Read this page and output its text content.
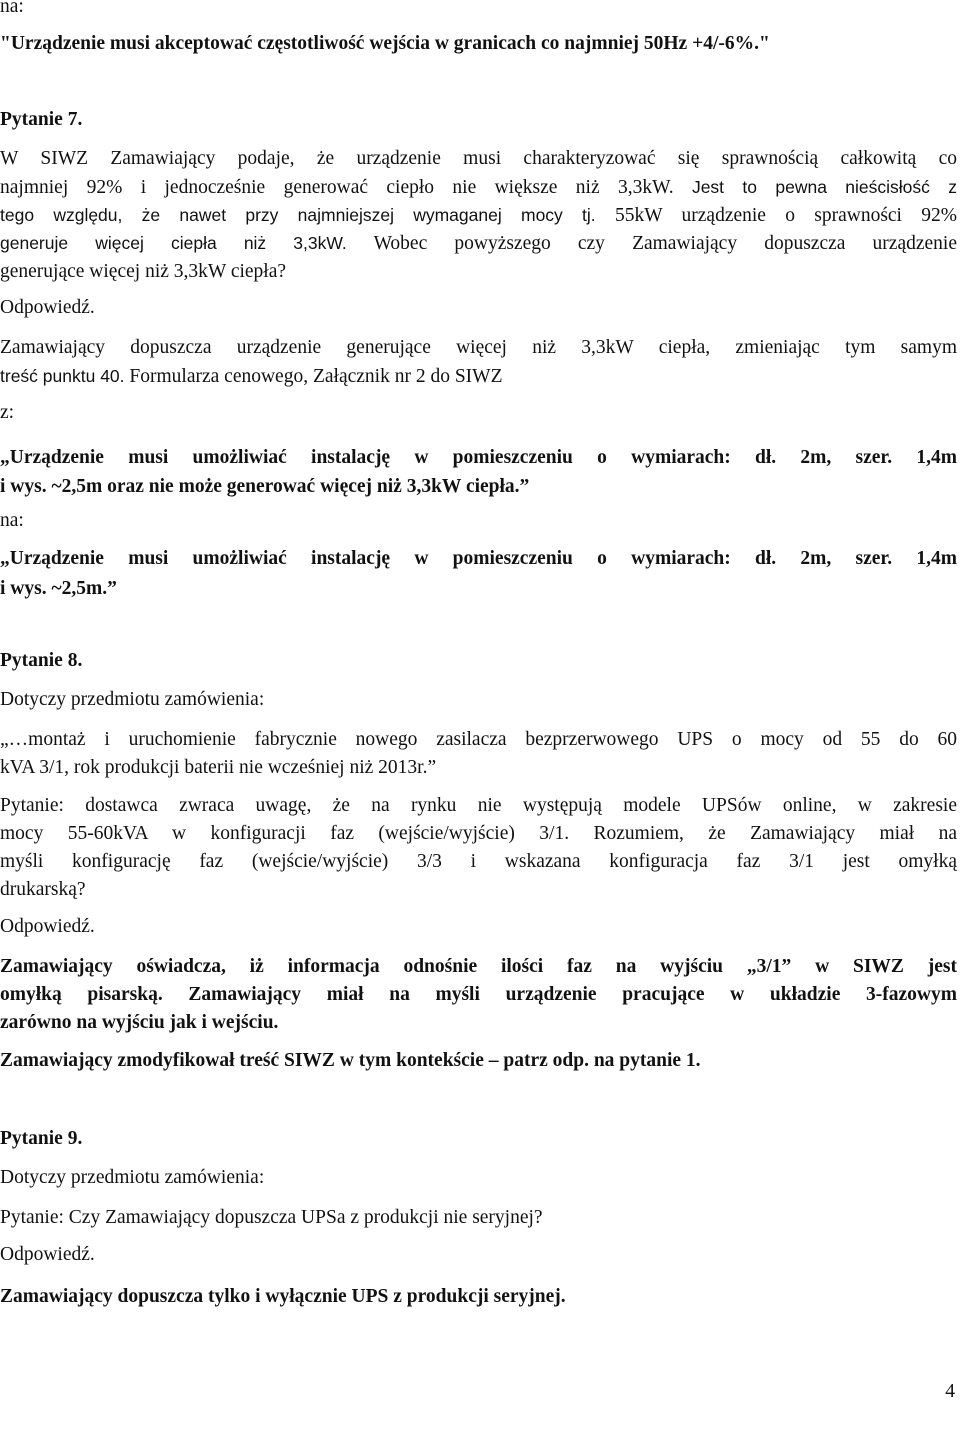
na:

"Urządzenie musi akceptować częstotliwość wejścia w granicach co najmniej 50Hz +4/-6%."

Pytanie 7.

W SIWZ Zamawiający podaje, że urządzenie musi charakteryzować się sprawnością całkowitą co

najmniej 92% i jednocześnie generować ciepło nie większe niż 3,3kW. Jest to pewna nieścisłość z

tego względu, że nawet przy najmniejszej wymaganej mocy tj. 55kW urządzenie o sprawności 92%

generuje więcej ciepła niż 3,3kW. Wobec powyższego czy Zamawiający dopuszcza urządzenie

generujące więcej niż 3,3kW ciepła?

Odpowiedź.

Zamawiający dopuszcza urządzenie generujące więcej niż 3,3kW ciepła, zmieniając tym samym

treść punktu 40. Formularza cenowego, Załącznik nr 2 do SIWZ

z:

„Urządzenie musi umożliwiać instalację w pomieszczeniu o wymiarach: dł. 2m, szer. 1,4m

i wys. ~2,5m oraz nie może generować więcej niż 3,3kW ciepła.”

na:

„Urządzenie musi umożliwiać instalację w pomieszczeniu o wymiarach: dł. 2m, szer. 1,4m

i wys. ~2,5m.”

Pytanie 8.

Dotyczy przedmiotu zamówienia:

„…montaż i uruchomienie fabrycznie nowego zasilacza bezprzerwowego UPS o mocy od 55 do 60

kVA 3/1, rok produkcji baterii nie wcześniej niż 2013r.”

Pytanie: dostawca zwraca uwagę, że na rynku nie występują modele UPSów online, w zakresie

mocy 55-60kVA w konfiguracji faz (wejście/wyjście) 3/1. Rozumiem, że Zamawiający miał na

myśli konfigurację faz (wejście/wyjście) 3/3 i wskazana konfiguracja faz 3/1 jest omyłką

drukarską?

Odpowiedź.

Zamawiający oświadcza, iż informacja odnośnie ilości faz na wyjściu „3/1” w SIWZ jest

omyłką pisarską. Zamawiający miał na myśli urządzenie pracujące w układzie 3-fazowym

zarówno na wyjściu jak i wejściu.

Zamawiający zmodyfikował treść SIWZ w tym kontekście – patrz odp. na pytanie 1.

Pytanie 9.

Dotyczy przedmiotu zamówienia:

Pytanie: Czy Zamawiający dopuszcza UPSa z produkcji nie seryjnej?

Odpowiedź.

Zamawiający dopuszcza tylko i wyłącznie UPS z produkcji seryjnej.

4
